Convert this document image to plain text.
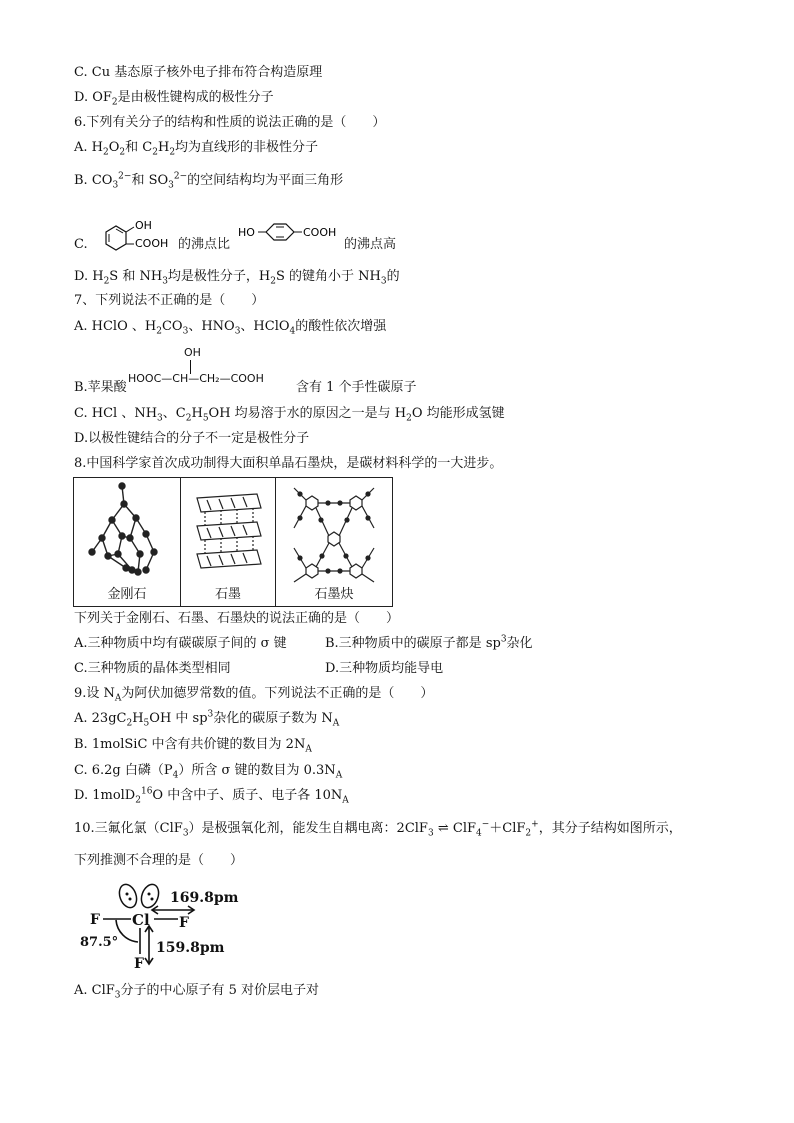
C. Cu 基态原子核外电子排布符合构造原理
D. $OF_2$是由极性键构成的极性分子
6.下列有关分子的结构和性质的说法正确的是（　　）
A. $H_2O_2$和 $C_2H_2$均为直线形的非极性分子
B. $CO_3^{2-}$和 $SO_3^{2-}$的空间结构均为平面三角形
C.
OH
COOH 的沸点比
HO	COOH
的沸点高
D. $H_2S$ 和 $NH_3$均是极性分子，$H_2S$ 的键角小于 $NH_3$的
7、下列说法不正确的是（　　）
A. HClO 、$H_2CO_3$、$HNO_3$、HClO$_4$的酸性依次增强
B.苹果酸
OH
HOOC—CH—CH₂—COOH
含有 1 个手性碳原子
C. HCl 、$NH_3$、$C_2H_5OH$ 均易溶于水的原因之一是与 $H_2O$ 均能形成氢键
D.以极性键结合的分子不一定是极性分子
8.中国科学家首次成功制得大面积单晶石墨炔，是碳材料科学的一大进步。
金刚石	石墨	石墨炔
下列关于金刚石、石墨、石墨炔的说法正确的是（　　）
A.三种物质中均有碳碳原子间的 σ 键	B.三种物质中的碳原子都是 $sp^3$杂化
C.三种物质的晶体类型相同	D.三种物质均能导电
9.设 $N_A$为阿伏加德罗常数的值。下列说法不正确的是（　　）
A. $23gC_2H_5OH$ 中 $sp^3$杂化的碳原子数为 $N_A$
B. 1molSiC 中含有共价键的数目为 $2N_A$
C. 6.2g 白磷$(P_4)$所含 σ 键的数目为 $0.3N_A$
D. 1molD$_2^{16}$O 中含中子、质子、电子各 $10N_A$
10.三氟化氯（ClF$_3$）是极强氧化剂，能发生自耦电离：2ClF$_3$ ⇌ ClF$_4$−＋ClF$_2$+，其分子结构如图所示，
下列推测不合理的是（　　）
Cl
F	F
F
169.8pm
159.8pm
87.5°
A. ClF$_3$分子的中心原子有 5 对价层电子对
